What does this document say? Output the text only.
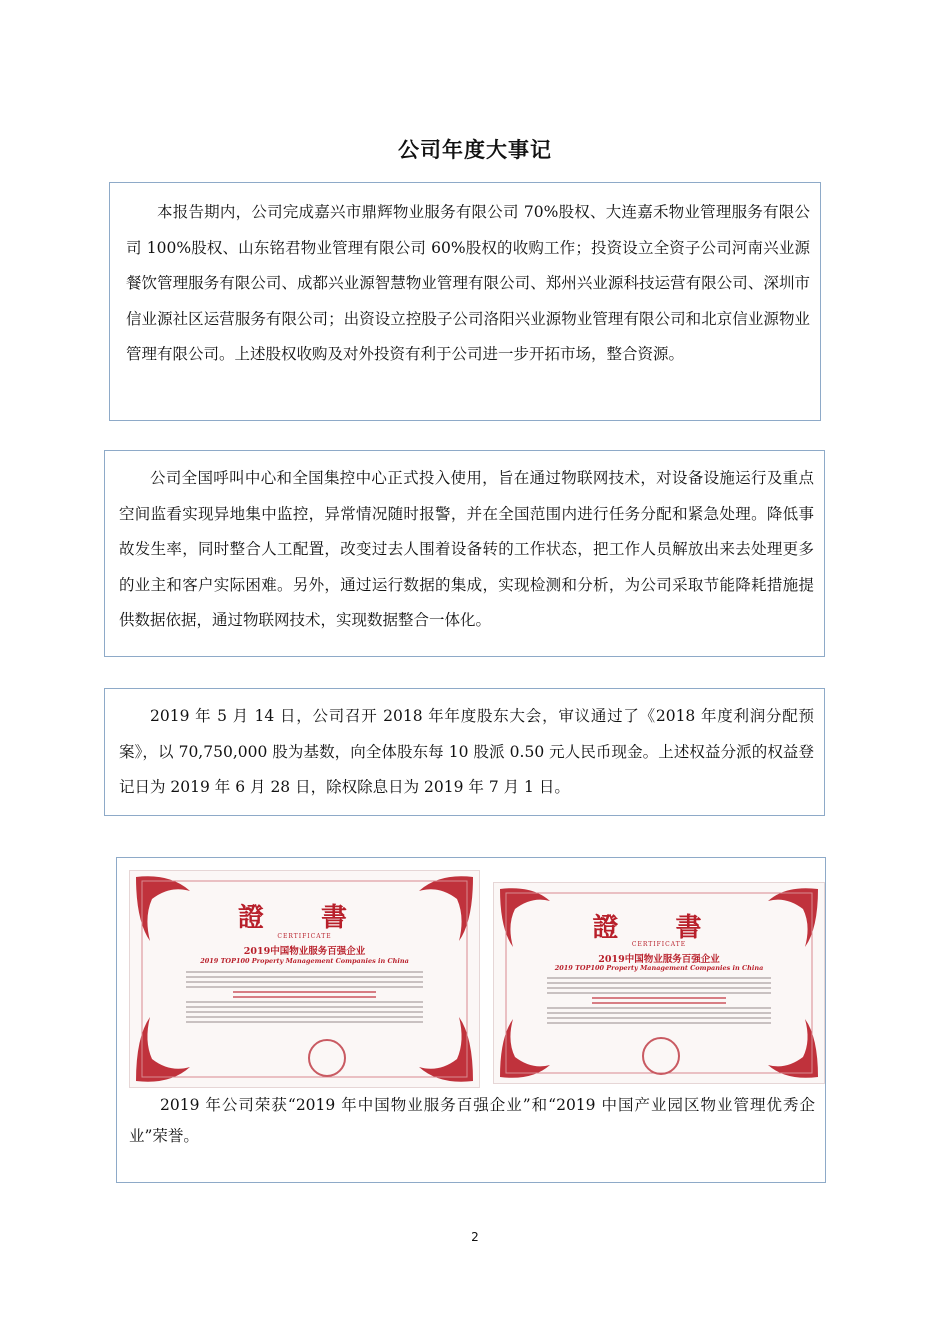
公司年度大事记

本报告期内，公司完成嘉兴市鼎辉物业服务有限公司 70%股权、大连嘉禾物业管理服务有限公司 100%股权、山东铭君物业管理有限公司 60%股权的收购工作；投资设立全资子公司河南兴业源餐饮管理服务有限公司、成都兴业源智慧物业管理有限公司、郑州兴业源科技运营有限公司、深圳市信业源社区运营服务有限公司；出资设立控股子公司洛阳兴业源物业管理有限公司和北京信业源物业管理有限公司。上述股权收购及对外投资有利于公司进一步开拓市场，整合资源。

公司全国呼叫中心和全国集控中心正式投入使用，旨在通过物联网技术，对设备设施运行及重点空间监看实现异地集中监控，异常情况随时报警，并在全国范围内进行任务分配和紧急处理。降低事故发生率，同时整合人工配置，改变过去人围着设备转的工作状态，把工作人员解放出来去处理更多的业主和客户实际困难。另外，通过运行数据的集成，实现检测和分析，为公司采取节能降耗措施提供数据依据，通过物联网技术，实现数据整合一体化。

2019 年 5 月 14 日，公司召开 2018 年年度股东大会，审议通过了《2018 年度利润分配预案》，以 70,750,000 股为基数，向全体股东每 10 股派 0.50 元人民币现金。上述权益分派的权益登记日为 2019 年 6 月 28 日，除权除息日为 2019 年 7 月 1 日。

證 書
CERTIFICATE
2019中国物业服务百强企业
2019 TOP100 Property Management Companies in China
證 書
CERTIFICATE
2019中国物业服务百强企业
2019 TOP100 Property Management Companies in China

2019 年公司荣获“2019 年中国物业服务百强企业”和“2019 中国产业园区物业管理优秀企业”荣誉。

2
